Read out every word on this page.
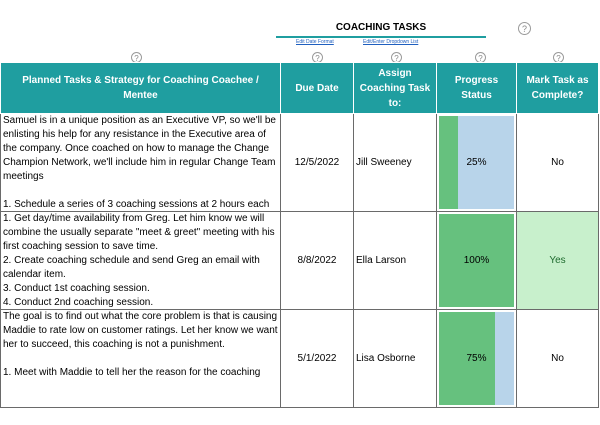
COACHING TASKS	?
Edit Date Format	Edit/Enter Dropdown List
?	?	?	?	?
Planned Tasks & Strategy for Coaching Coachee / Mentee	Due Date	Assign Coaching Task to:	Progress Status	Mark Task as Complete?

Samuel is in a unique position as an Executive VP, so we'll be enlisting his help for any resistance in the Executive area of the company. Once coached on how to manage the Change Champion Network, we'll include him in regular Change Team meetings

1. Schedule a series of 3 coaching sessions at 2 hours each	12/5/2022	Jill Sweeney	25%	No

1. Get day/time availability from Greg. Let him know we will combine the usually separate "meet & greet" meeting with his first coaching session to save time.
2. Create coaching schedule and send Greg an email with calendar item.
3. Conduct 1st coaching session.
4. Conduct 2nd coaching session.	8/8/2022	Ella Larson	100%	Yes

The goal is to find out what the core problem is that is causing Maddie to rate low on customer ratings. Let her know we want her to succeed, this coaching is not a punishment.

1. Meet with Maddie to tell her the reason for the coaching	5/1/2022	Lisa Osborne	75%	No
